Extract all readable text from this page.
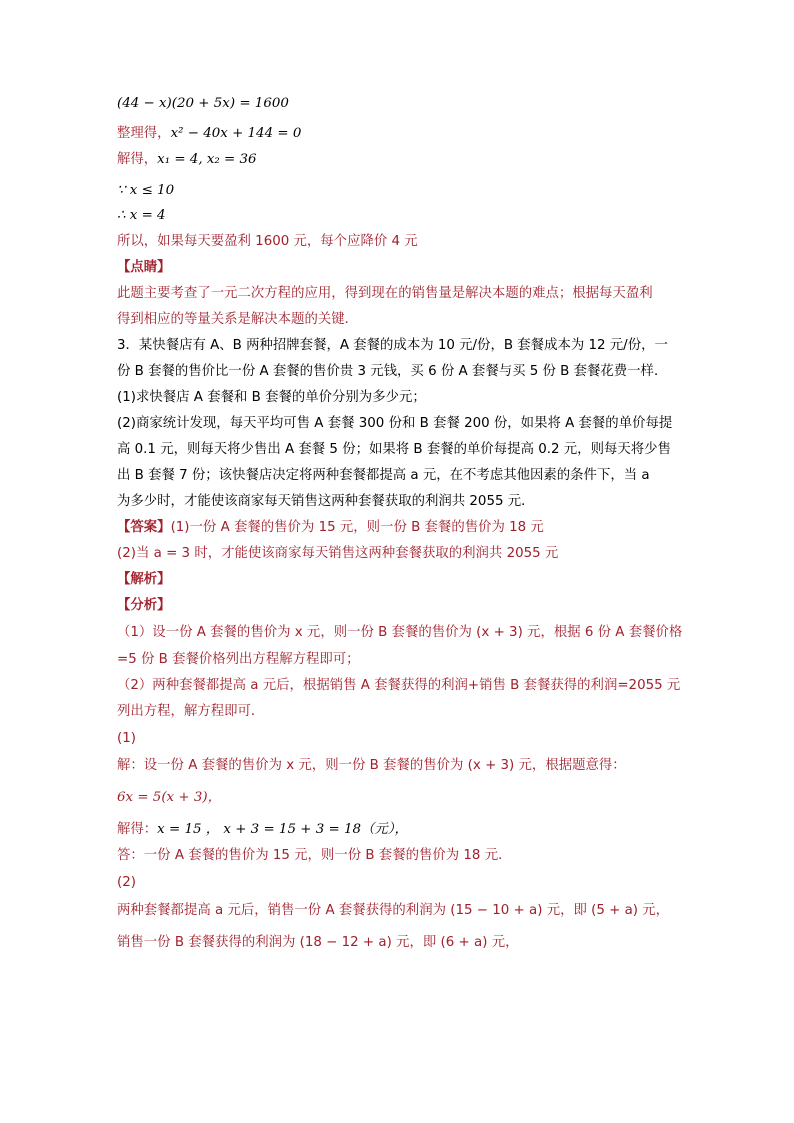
(44 − x)(20 + 5x) = 1600
整理得，x² − 40x + 144 = 0
解得，x₁ = 4, x₂ = 36
∵ x ≤ 10
∴ x = 4
所以，如果每天要盈利 1600 元，每个应降价 4 元
【点睛】
此题主要考查了一元二次方程的应用，得到现在的销售量是解决本题的难点；根据每天盈利
得到相应的等量关系是解决本题的关键．
3．某快餐店有 A、B 两种招牌套餐，A 套餐的成本为 10 元/份，B 套餐成本为 12 元/份，一
份 B 套餐的售价比一份 A 套餐的售价贵 3 元钱，买 6 份 A 套餐与买 5 份 B 套餐花费一样．
(1)求快餐店 A 套餐和 B 套餐的单价分别为多少元；
(2)商家统计发现，每天平均可售 A 套餐 300 份和 B 套餐 200 份，如果将 A 套餐的单价每提
高 0.1 元，则每天将少售出 A 套餐 5 份；如果将 B 套餐的单价每提高 0.2 元，则每天将少售
出 B 套餐 7 份；该快餐店决定将两种套餐都提高 a 元，在不考虑其他因素的条件下，当 a
为多少时，才能使该商家每天销售这两种套餐获取的利润共 2055 元．
【答案】(1)一份 A 套餐的售价为 15 元，则一份 B 套餐的售价为 18 元
(2)当 a = 3 时，才能使该商家每天销售这两种套餐获取的利润共 2055 元
【解析】
【分析】
（1）设一份 A 套餐的售价为 x 元，则一份 B 套餐的售价为 (x + 3) 元，根据 6 份 A 套餐价格
=5 份 B 套餐价格列出方程解方程即可；
（2）两种套餐都提高 a 元后，根据销售 A 套餐获得的利润+销售 B 套餐获得的利润=2055 元
列出方程，解方程即可．
(1)
解：设一份 A 套餐的售价为 x 元，则一份 B 套餐的售价为 (x + 3) 元，根据题意得：
6x = 5(x + 3)，
解得：x = 15 ， x + 3 = 15 + 3 = 18（元），
答：一份 A 套餐的售价为 15 元，则一份 B 套餐的售价为 18 元．
(2)
两种套餐都提高 a 元后，销售一份 A 套餐获得的利润为 (15 − 10 + a) 元，即 (5 + a) 元，
销售一份 B 套餐获得的利润为 (18 − 12 + a) 元，即 (6 + a) 元，
